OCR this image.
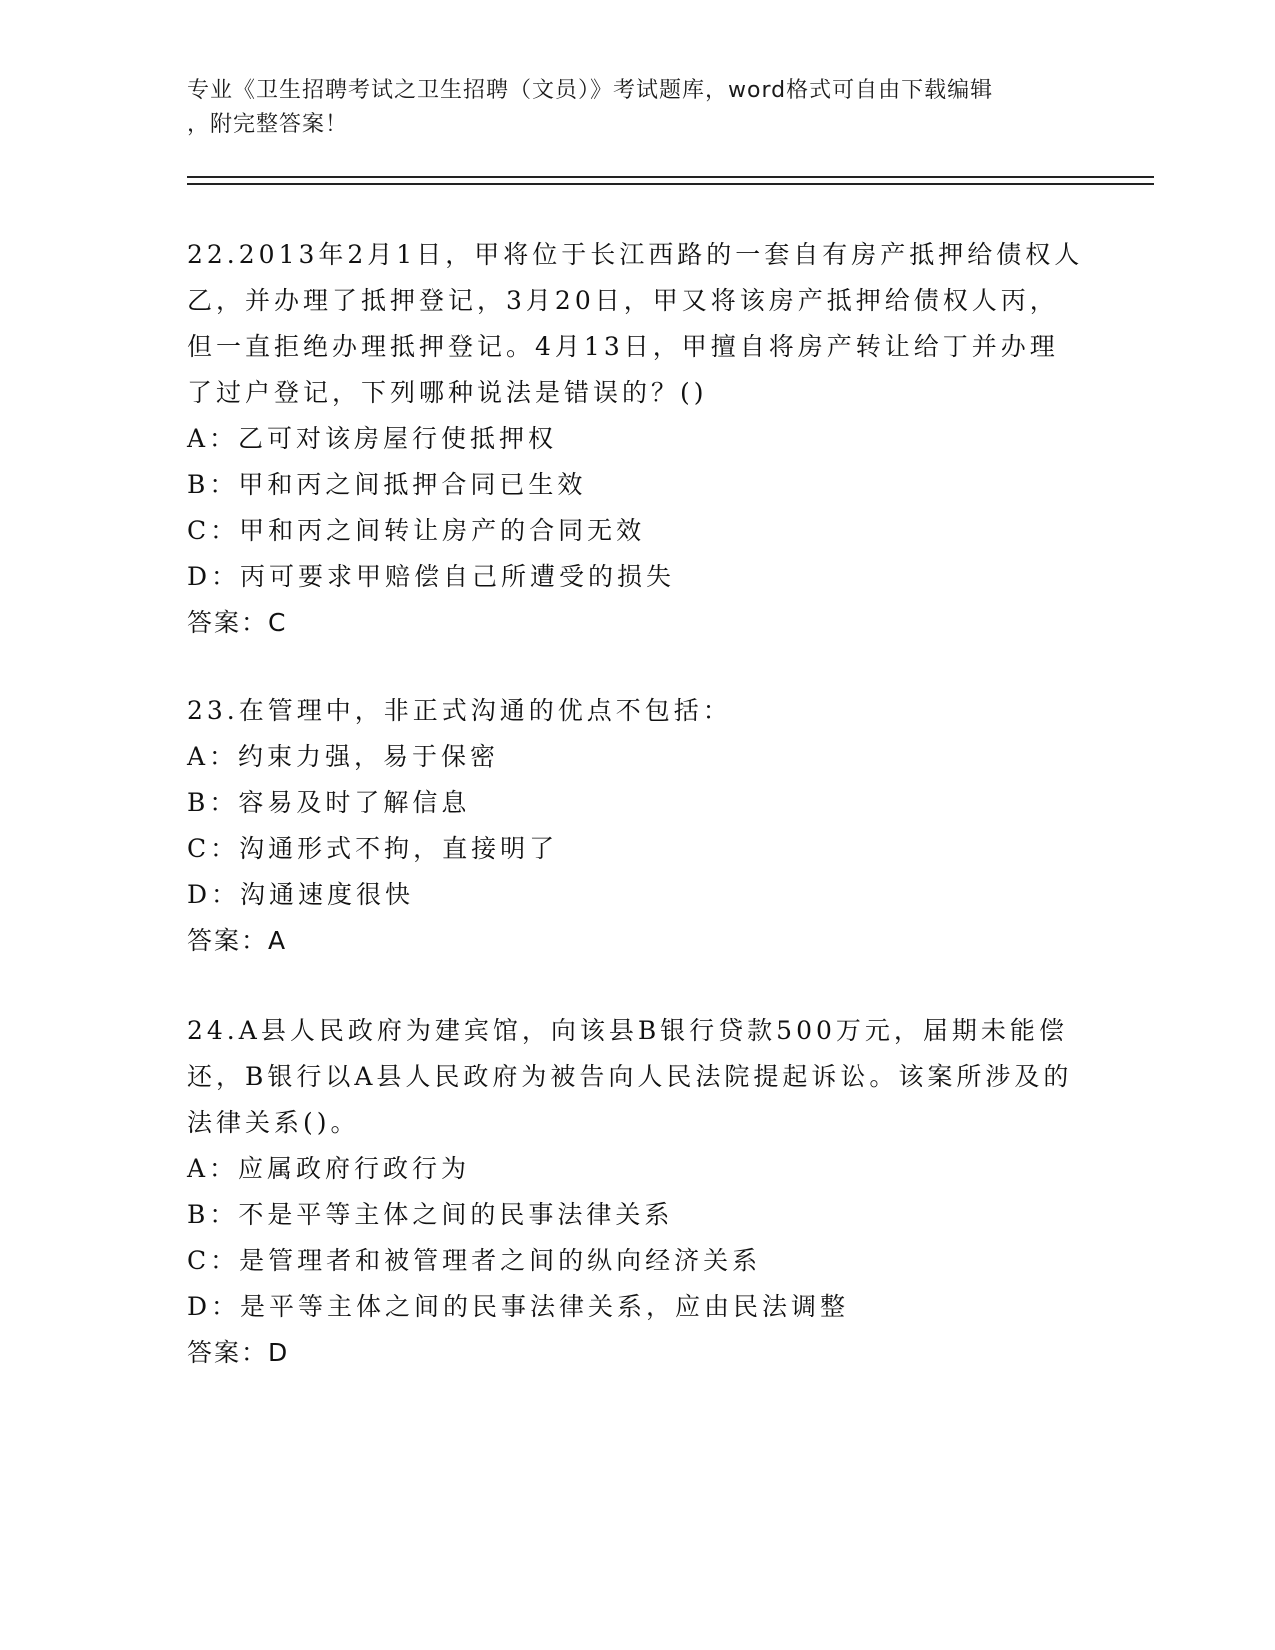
专业《卫生招聘考试之卫生招聘（文员）》考试题库，word格式可自由下载编辑
，附完整答案！
22.2013年2月1日，甲将位于长江西路的一套自有房产抵押给债权人
乙，并办理了抵押登记，3月20日，甲又将该房产抵押给债权人丙，
但一直拒绝办理抵押登记。4月13日，甲擅自将房产转让给丁并办理
了过户登记，下列哪种说法是错误的？()
A：乙可对该房屋行使抵押权
B：甲和丙之间抵押合同已生效
C：甲和丙之间转让房产的合同无效
D：丙可要求甲赔偿自己所遭受的损失
答案：C
23.在管理中，非正式沟通的优点不包括：
A：约束力强，易于保密
B：容易及时了解信息
C：沟通形式不拘，直接明了
D：沟通速度很快
答案：A
24.A县人民政府为建宾馆，向该县B银行贷款500万元，届期未能偿
还，B银行以A县人民政府为被告向人民法院提起诉讼。该案所涉及的
法律关系()。
A：应属政府行政行为
B：不是平等主体之间的民事法律关系
C：是管理者和被管理者之间的纵向经济关系
D：是平等主体之间的民事法律关系，应由民法调整
答案：D
